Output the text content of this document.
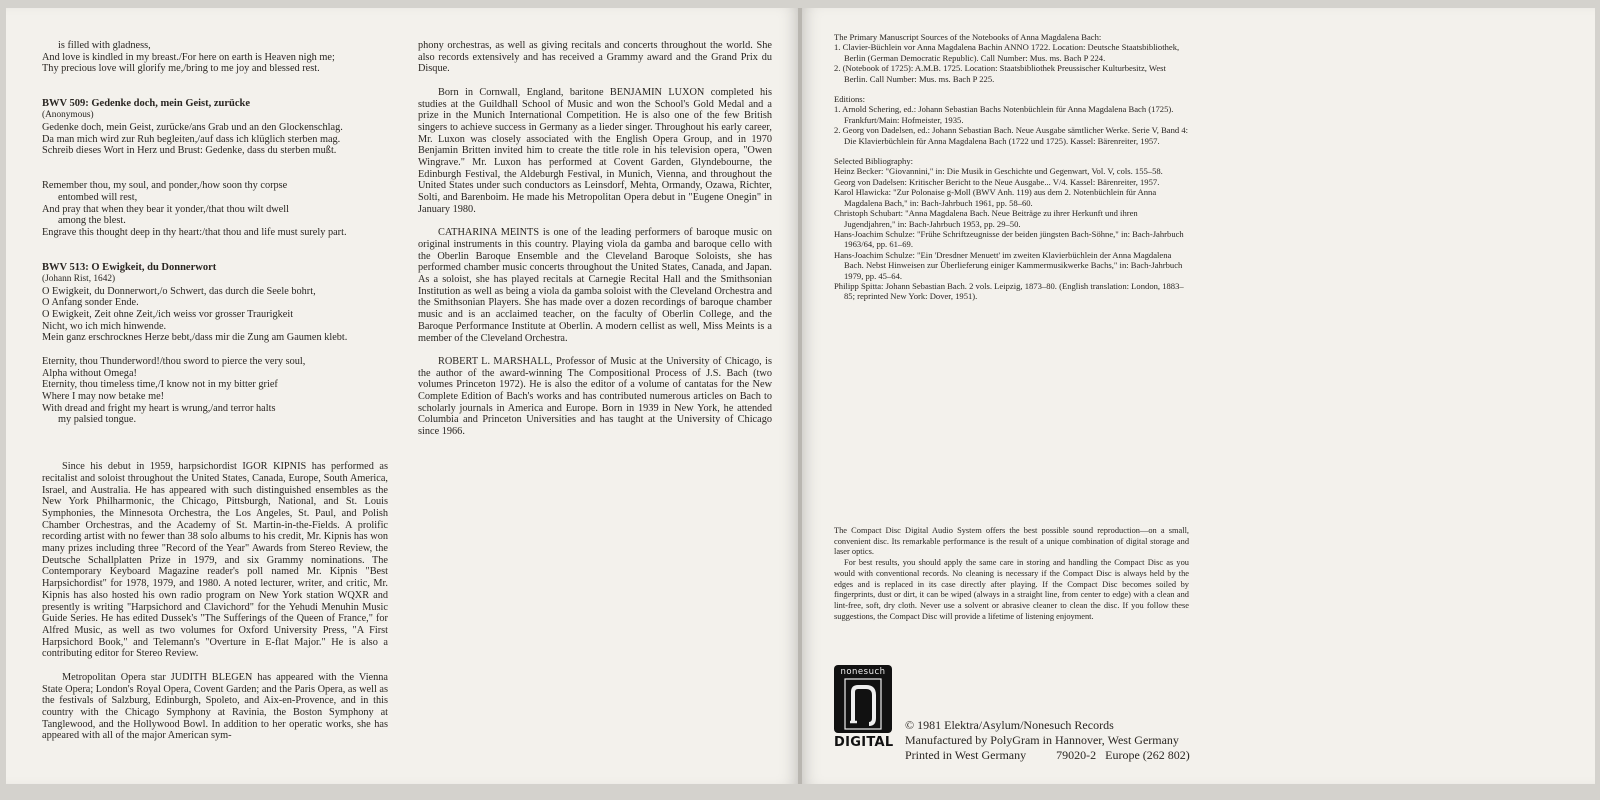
is filled with gladness,

And love is kindled in my breast./For here on earth is Heaven nigh me;

Thy precious love will glorify me,/bring to me joy and blessed rest.

BWV 509: Gedenke doch, mein Geist, zurücke

(Anonymous)

Gedenke doch, mein Geist, zurücke/ans Grab und an den Glockenschlag.

Da man mich wird zur Ruh begleiten,/auf dass ich klüglich sterben mag.

Schreib dieses Wort in Herz und Brust: Gedenke, dass du sterben mußt.

Remember thou, my soul, and ponder,/how soon thy corpse

entombed will rest,

And pray that when they bear it yonder,/that thou wilt dwell

among the blest.

Engrave this thought deep in thy heart:/that thou and life must surely part.

BWV 513: O Ewigkeit, du Donnerwort

(Johann Rist, 1642)

O Ewigkeit, du Donnerwort,/o Schwert, das durch die Seele bohrt,

O Anfang sonder Ende.

O Ewigkeit, Zeit ohne Zeit,/ich weiss vor grosser Traurigkeit

Nicht, wo ich mich hinwende.

Mein ganz erschrocknes Herze bebt,/dass mir die Zung am Gaumen klebt.

Eternity, thou Thunderword!/thou sword to pierce the very soul,

Alpha without Omega!

Eternity, thou timeless time,/I know not in my bitter grief

Where I may now betake me!

With dread and fright my heart is wrung,/and terror halts

my palsied tongue.

Since his debut in 1959, harpsichordist IGOR KIPNIS has performed as recitalist and soloist throughout the United States, Canada, Europe, South America, Israel, and Australia. He has appeared with such distinguished ensembles as the New York Philharmonic, the Chicago, Pittsburgh, National, and St. Louis Symphonies, the Minnesota Orchestra, the Los Angeles, St. Paul, and Polish Chamber Orchestras, and the Academy of St. Martin-in-the-Fields. A prolific recording artist with no fewer than 38 solo albums to his credit, Mr. Kipnis has won many prizes including three "Record of the Year" Awards from Stereo Review, the Deutsche Schallplatten Prize in 1979, and six Grammy nominations. The Contemporary Keyboard Magazine reader's poll named Mr. Kipnis "Best Harpsichordist" for 1978, 1979, and 1980. A noted lecturer, writer, and critic, Mr. Kipnis has also hosted his own radio program on New York station WQXR and presently is writing "Harpsichord and Clavichord" for the Yehudi Menuhin Music Guide Series. He has edited Dussek's "The Sufferings of the Queen of France," for Alfred Music, as well as two volumes for Oxford University Press, "A First Harpsichord Book," and Telemann's "Overture in E-flat Major." He is also a contributing editor for Stereo Review.

Metropolitan Opera star JUDITH BLEGEN has appeared with the Vienna State Opera; London's Royal Opera, Covent Garden; and the Paris Opera, as well as the festivals of Salzburg, Edinburgh, Spoleto, and Aix-en-Provence, and in this country with the Chicago Symphony at Ravinia, the Boston Symphony at Tanglewood, and the Hollywood Bowl. In addition to her operatic works, she has appeared with all of the major American sym-

phony orchestras, as well as giving recitals and concerts throughout the world. She also records extensively and has received a Grammy award and the Grand Prix du Disque.

Born in Cornwall, England, baritone BENJAMIN LUXON completed his studies at the Guildhall School of Music and won the School's Gold Medal and a prize in the Munich International Competition. He is also one of the few British singers to achieve success in Germany as a lieder singer. Throughout his early career, Mr. Luxon was closely associated with the English Opera Group, and in 1970 Benjamin Britten invited him to create the title role in his television opera, "Owen Wingrave." Mr. Luxon has performed at Covent Garden, Glyndebourne, the Edinburgh Festival, the Aldeburgh Festival, in Munich, Vienna, and throughout the United States under such conductors as Leinsdorf, Mehta, Ormandy, Ozawa, Richter, Solti, and Barenboim. He made his Metropolitan Opera debut in "Eugene Onegin" in January 1980.

CATHARINA MEINTS is one of the leading performers of baroque music on original instruments in this country. Playing viola da gamba and baroque cello with the Oberlin Baroque Ensemble and the Cleveland Baroque Soloists, she has performed chamber music concerts throughout the United States, Canada, and Japan. As a soloist, she has played recitals at Carnegie Recital Hall and the Smithsonian Institution as well as being a viola da gamba soloist with the Cleveland Orchestra and the Smithsonian Players. She has made over a dozen recordings of baroque chamber music and is an acclaimed teacher, on the faculty of Oberlin College, and the Baroque Performance Institute at Oberlin. A modern cellist as well, Miss Meints is a member of the Cleveland Orchestra.

ROBERT L. MARSHALL, Professor of Music at the University of Chicago, is the author of the award-winning The Compositional Process of J.S. Bach (two volumes Princeton 1972). He is also the editor of a volume of cantatas for the New Complete Edition of Bach's works and has contributed numerous articles on Bach to scholarly journals in America and Europe. Born in 1939 in New York, he attended Columbia and Princeton Universities and has taught at the University of Chicago since 1966.

The Primary Manuscript Sources of the Notebooks of Anna Magdalena Bach:

1. Clavier-Büchlein vor Anna Magdalena Bachin ANNO 1722. Location: Deutsche Staatsbibliothek, Berlin (German Democratic Republic). Call Number: Mus. ms. Bach P 224.

2. (Notebook of 1725): A.M.B. 1725. Location: Staatsbibliothek Preussischer Kulturbesitz, West Berlin. Call Number: Mus. ms. Bach P 225.

Editions:

1. Arnold Schering, ed.: Johann Sebastian Bachs Notenbüchlein für Anna Magdalena Bach (1725). Frankfurt/Main: Hofmeister, 1935.

2. Georg von Dadelsen, ed.: Johann Sebastian Bach. Neue Ausgabe sämtlicher Werke. Serie V, Band 4: Die Klavierbüchlein für Anna Magdalena Bach (1722 und 1725). Kassel: Bärenreiter, 1957.

Selected Bibliography:

Heinz Becker: "Giovannini," in: Die Musik in Geschichte und Gegenwart, Vol. V, cols. 155–58.

Georg von Dadelsen: Kritischer Bericht to the Neue Ausgabe... V/4. Kassel: Bärenreiter, 1957.

Karol Hlawicka: "Zur Polonaise g-Moll (BWV Anh. 119) aus dem 2. Notenbüchlein für Anna Magdalena Bach," in: Bach-Jahrbuch 1961, pp. 58–60.

Christoph Schubart: "Anna Magdalena Bach. Neue Beiträge zu ihrer Herkunft und ihren Jugendjahren," in: Bach-Jahrbuch 1953, pp. 29–50.

Hans-Joachim Schulze: "Frühe Schriftzeugnisse der beiden jüngsten Bach-Söhne," in: Bach-Jahrbuch 1963/64, pp. 61–69.

Hans-Joachim Schulze: "Ein 'Dresdner Menuett' im zweiten Klavierbüchlein der Anna Magdalena Bach. Nebst Hinweisen zur Überlieferung einiger Kammermusikwerke Bachs," in: Bach-Jahrbuch 1979, pp. 45–64.

Philipp Spitta: Johann Sebastian Bach. 2 vols. Leipzig, 1873–80. (English translation: London, 1883–85; reprinted New York: Dover, 1951).

The Compact Disc Digital Audio System offers the best possible sound reproduction—on a small, convenient disc. Its remarkable performance is the result of a unique combination of digital storage and laser optics.

For best results, you should apply the same care in storing and handling the Compact Disc as you would with conventional records. No cleaning is necessary if the Compact Disc is always held by the edges and is replaced in its case directly after playing. If the Compact Disc becomes soiled by fingerprints, dust or dirt, it can be wiped (always in a straight line, from center to edge) with a clean and lint-free, soft, dry cloth. Never use a solvent or abrasive cleaner to clean the disc. If you follow these suggestions, the Compact Disc will provide a lifetime of listening enjoyment.

nonesuch
DIGITAL

© 1981 Elektra/Asylum/Nonesuch Records

Manufactured by PolyGram in Hannover, West Germany

Printed in West Germany          79020-2   Europe (262 802)
